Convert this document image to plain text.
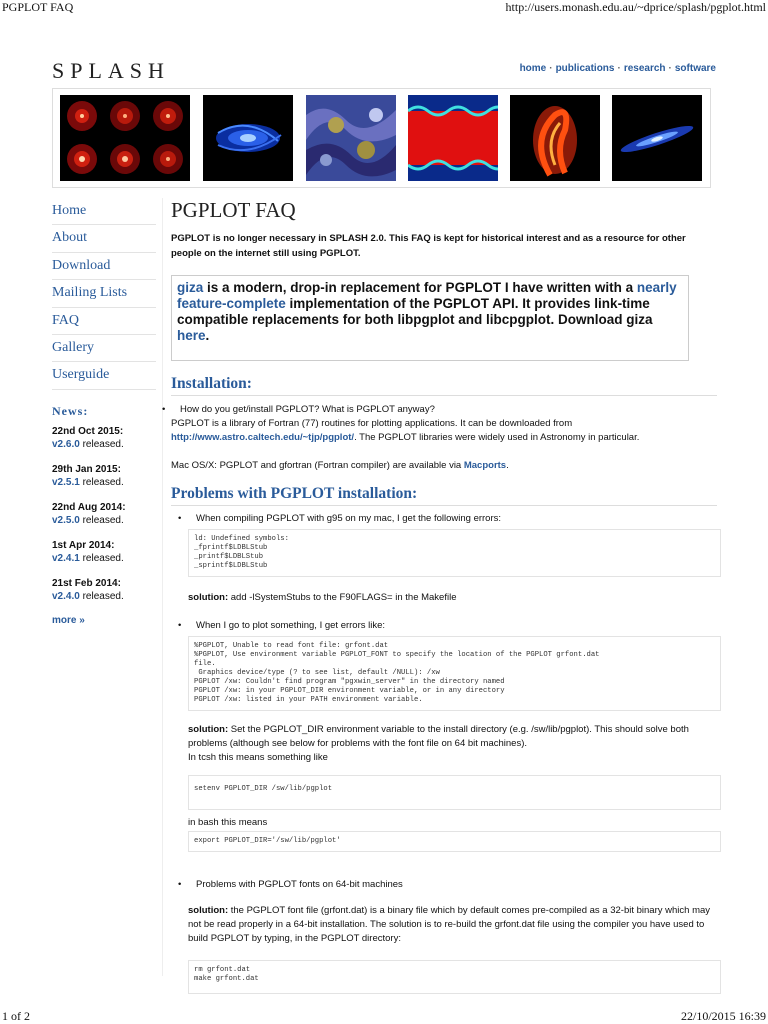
PGPLOT FAQ	http://users.monash.edu.au/~dprice/splash/pgplot.html
SPLASH	home · publications · research · software
Home
About
Download
Mailing Lists
FAQ
Gallery
Userguide
News:
22nd Oct 2015:
v2.6.0 released.
29th Jan 2015:
v2.5.1 released.
22nd Aug 2014:
v2.5.0 released.
1st Apr 2014:
v2.4.1 released.
21st Feb 2014:
v2.4.0 released.
more »
PGPLOT FAQ

PGPLOT is no longer necessary in SPLASH 2.0. This FAQ is kept for historical interest and as a resource for other people on the internet still using PGPLOT.

giza is a modern, drop-in replacement for PGPLOT I have written with a nearly feature-complete implementation of the PGPLOT API. It provides link-time compatible replacements for both libpgplot and libcpgplot. Download giza here.
Installation:
• How do you get/install PGPLOT? What is PGPLOT anyway?

PGPLOT is a library of Fortran (77) routines for plotting applications. It can be downloaded from
http://www.astro.caltech.edu/~tjp/pgplot/. The PGPLOT libraries were widely used in Astronomy in particular.

Mac OS/X: PGPLOT and gfortran (Fortran compiler) are available via Macports.

Problems with PGPLOT installation:
• When compiling PGPLOT with g95 on my mac, I get the following errors:
ld: Undefined symbols:
_fprintf$LDBLStub
_printf$LDBLStub
_sprintf$LDBLStub

solution: add -lSystemStubs to the F90FLAGS= in the Makefile

• When I go to plot something, I get errors like:
%PGPLOT, Unable to read font file: grfont.dat
%PGPLOT, Use environment variable PGPLOT_FONT to specify the location of the PGPLOT grfont.dat
file.
Graphics device/type (? to see list, default /NULL): /xw
PGPLOT /xw: Couldn't find program "pgxwin_server" in the directory named
PGPLOT /xw: in your PGPLOT_DIR environment variable, or in any directory
PGPLOT /xw: listed in your PATH environment variable.

solution: Set the PGPLOT_DIR environment variable to the install directory (e.g. /sw/lib/pgplot). This should solve both problems (although see below for problems with the font file on 64 bit machines).

In tcsh this means something like

setenv PGPLOT_DIR /sw/lib/pgplot

in bash this means

export PGPLOT_DIR='/sw/lib/pgplot'
• Problems with PGPLOT fonts on 64-bit machines

solution: the PGPLOT font file (grfont.dat) is a binary file which by default comes pre-compiled as a 32-bit binary which may not be read properly in a 64-bit installation. The solution is to re-build the grfont.dat file using the compiler you have used to build PGPLOT by typing, in the PGPLOT directory:

rm grfont.dat
make grfont.dat
1 of 2	22/10/2015 16:39
